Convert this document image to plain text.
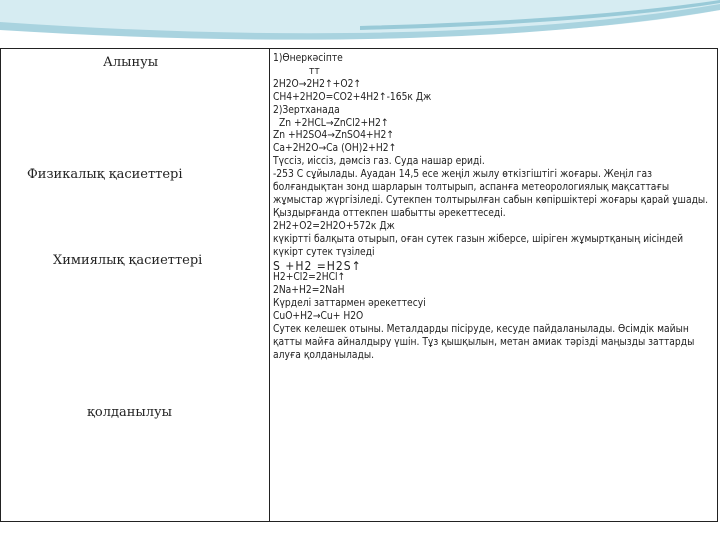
Алынуы
Физикалық қасиеттері
Химиялық қасиеттері
қолданылуы
1)Өнеркәсіпте
тт
2H2O→2H2↑+O2↑
CH4+2H2O=CO2+4H2↑-165к Дж
2)Зертханада
Zn +2HCL→ZnCl2+H2↑
Zn +H2SO4→ZnSO4+H2↑
Ca+2H2O→Ca (OH)2+H2↑
Түссіз, иіссіз, дәмсіз газ. Суда нашар ериді.
-253 С сұйылады. Ауадан 14,5 есе жеңіл жылу өткізгіштігі жоғары. Жеңіл газ болғандықтан зонд шарларын толтырып, аспанға метеорологиялық мақсаттағы жұмыстар жүргізіледі. Сутекпен толтырылған сабын көпіршіктері жоғары қарай ұшады.
Қыздырғанда оттекпен шабытты әрекеттеседі.
2H2+O2=2H2O+572к Дж
күкіртті балқыта отырып, оған сутек газын жіберсе, шіріген жұмыртқаның иісіндей күкірт сутек түзіледі
S +H2 =H2S↑
H2+Cl2=2HCl↑
2Na+H2=2NaH
Күрделі заттармен әрекеттесуі
CuO+H2→Cu+ H2O
Сутек келешек отыны. Металдарды пісіруде, кесуде пайдаланылады. Өсімдік майын қатты майға айналдыру үшін. Тұз қышқылын, метан амиак тәрізді маңызды заттарды алуға қолданылады.
